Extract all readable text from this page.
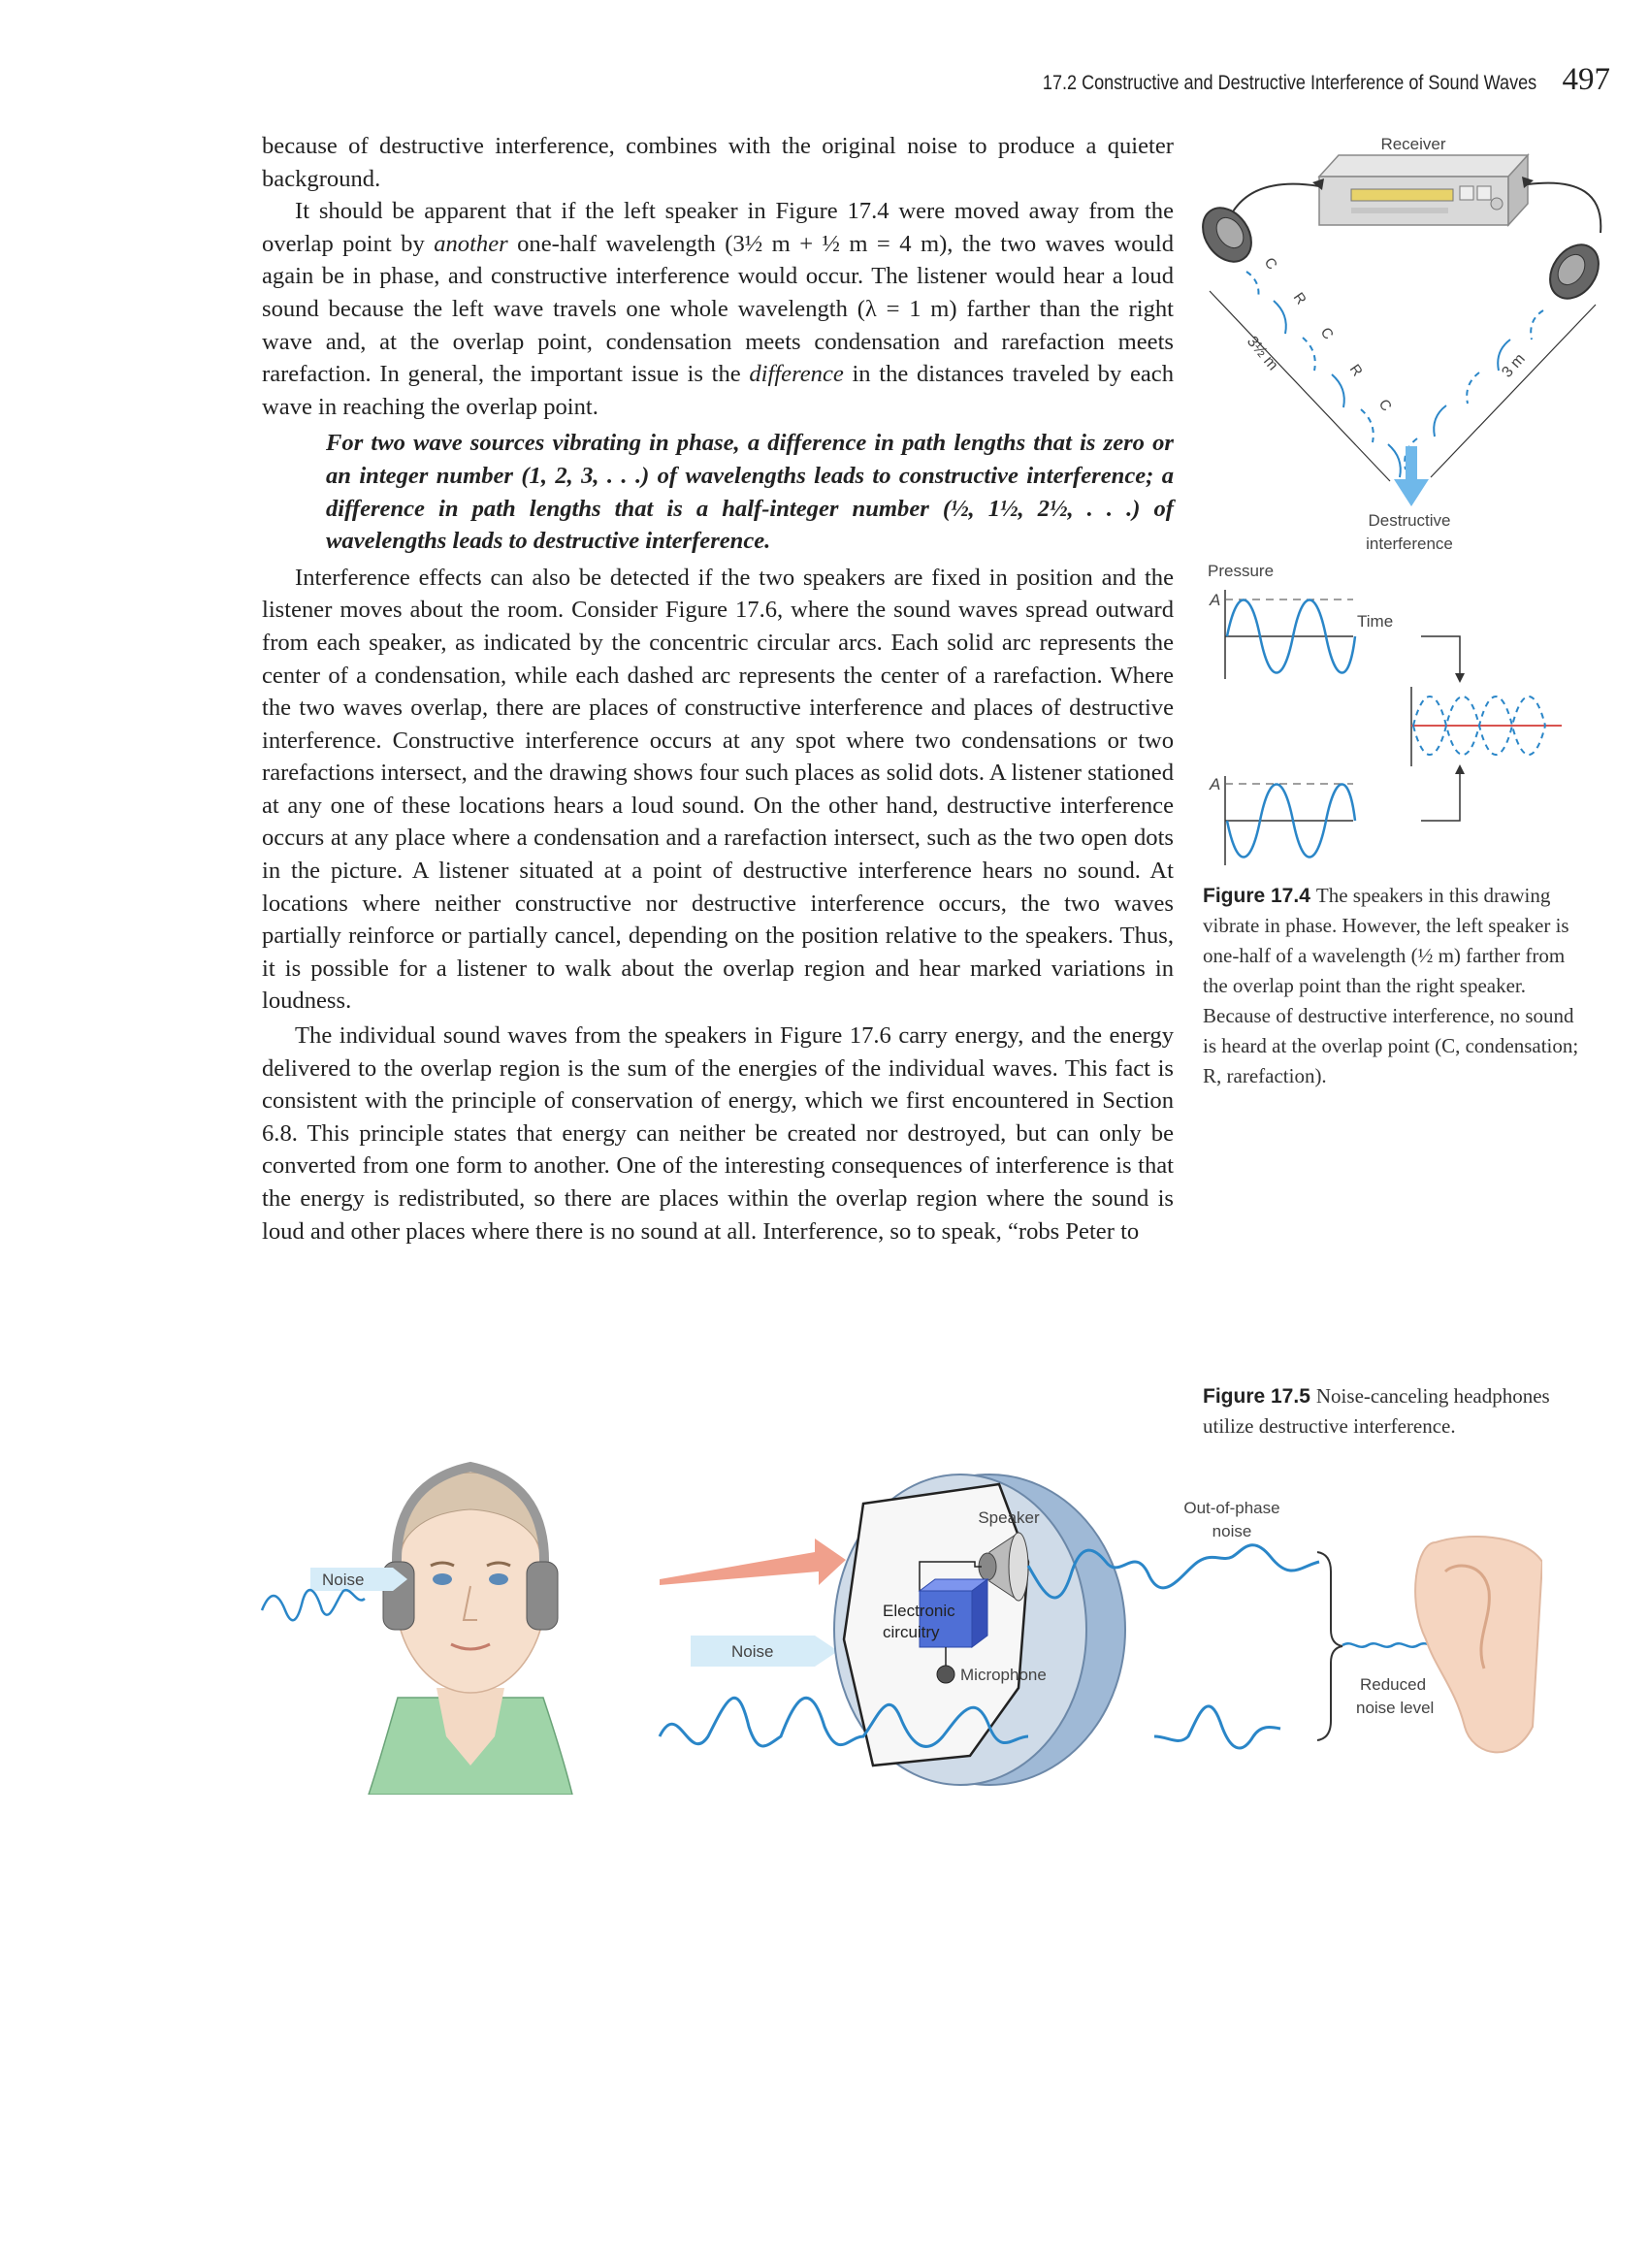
17.2 Constructive and Destructive Interference of Sound Waves 497

because of destructive interference, combines with the original noise to produce a quieter background.

It should be apparent that if the left speaker in Figure 17.4 were moved away from the overlap point by another one-half wavelength (3½ m + ½ m = 4 m), the two waves would again be in phase, and constructive interference would occur. The listener would hear a loud sound because the left wave travels one whole wavelength (λ = 1 m) farther than the right wave and, at the overlap point, condensation meets condensation and rarefaction meets rarefaction. In general, the important issue is the difference in the distances traveled by each wave in reaching the overlap point.

For two wave sources vibrating in phase, a difference in path lengths that is zero or an integer number (1, 2, 3, . . .) of wavelengths leads to constructive interference; a difference in path lengths that is a half-integer number (½, 1½, 2½, . . .) of wavelengths leads to destructive interference.

Interference effects can also be detected if the two speakers are fixed in position and the listener moves about the room. Consider Figure 17.6, where the sound waves spread outward from each speaker, as indicated by the concentric circular arcs. Each solid arc represents the center of a condensation, while each dashed arc represents the center of a rarefaction. Where the two waves overlap, there are places of constructive interference and places of destructive interference. Constructive interference occurs at any spot where two condensations or two rarefactions intersect, and the drawing shows four such places as solid dots. A listener stationed at any one of these locations hears a loud sound. On the other hand, destructive interference occurs at any place where a condensation and a rarefaction intersect, such as the two open dots in the picture. A listener situated at a point of destructive interference hears no sound. At locations where neither constructive nor destructive interference occurs, the two waves partially reinforce or partially cancel, depending on the position relative to the speakers. Thus, it is possible for a listener to walk about the overlap region and hear marked variations in loudness.

The individual sound waves from the speakers in Figure 17.6 carry energy, and the energy delivered to the overlap region is the sum of the energies of the individual waves. This fact is consistent with the principle of conservation of energy, which we first encountered in Section 6.8. This principle states that energy can neither be created nor destroyed, but can only be converted from one form to another. One of the interesting consequences of interference is that the energy is redistributed, so there are places within the overlap region where the sound is loud and other places where there is no sound at all. Interference, so to speak, “robs Peter to

Receiver
C
R
C
R
C
3½ m	3 m
Destructive
interference
Pressure
A
Time
A
Figure 17.4 The speakers in this drawing vibrate in phase. However, the left speaker is one-half of a wavelength (½ m) farther from the overlap point than the right speaker. Because of destructive interference, no sound is heard at the overlap point (C, condensation; R, rarefaction).
Figure 17.5 Noise-canceling headphones utilize destructive interference.
Noise
Noise
Speaker
Electronic
circuitry
Microphone
Out-of-phase
noise
Reduced
noise level
